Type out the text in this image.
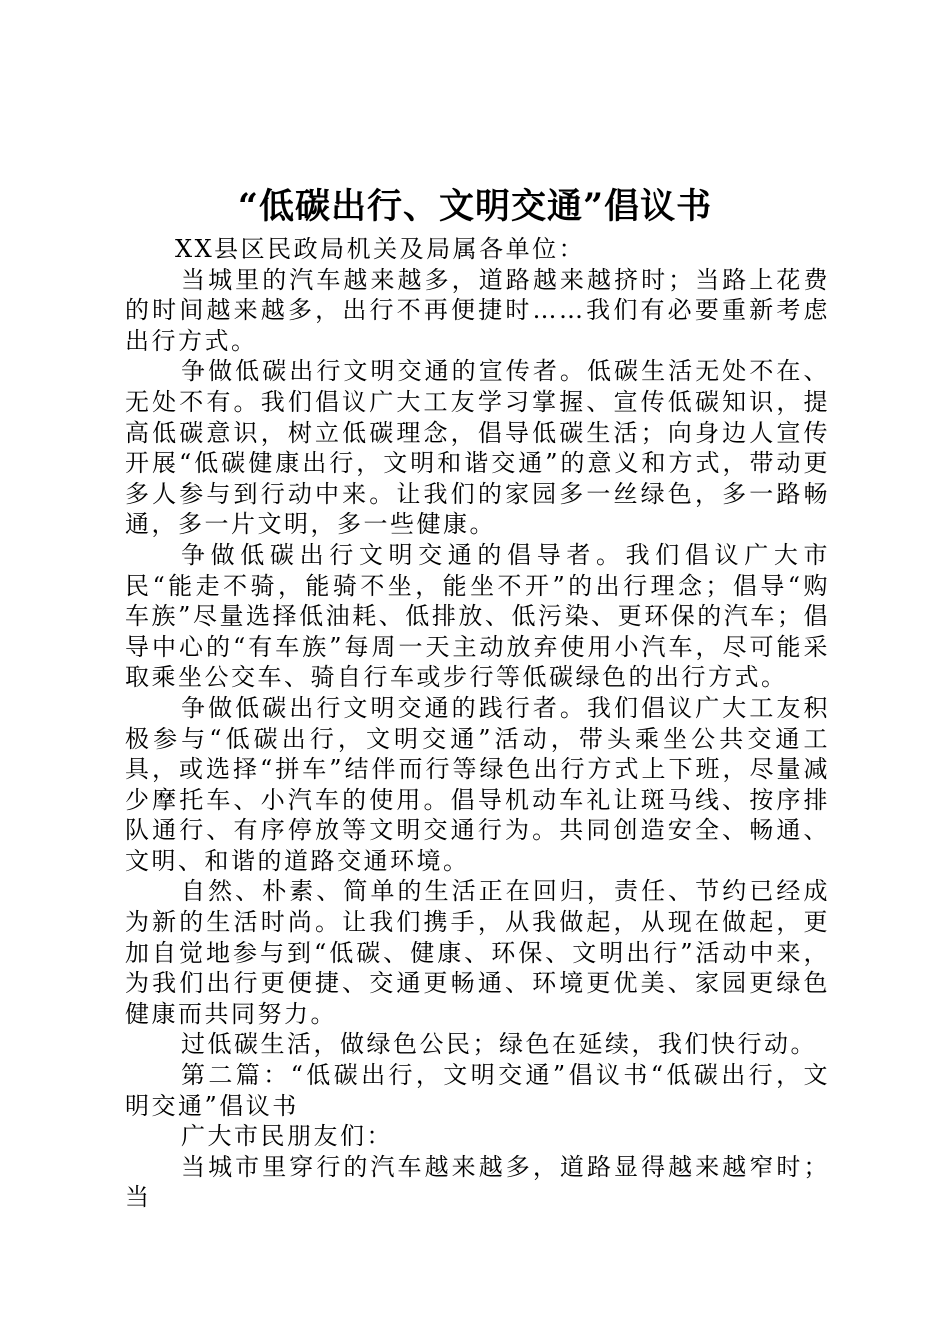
“低碳出行、文明交通”倡议书

XX县区民政局机关及局属各单位：

当城里的汽车越来越多，道路越来越挤时；当路上花费的时间越来越多，出行不再便捷时……我们有必要重新考虑出行方式。

争做低碳出行文明交通的宣传者。低碳生活无处不在、无处不有。我们倡议广大工友学习掌握、宣传低碳知识，提高低碳意识，树立低碳理念，倡导低碳生活；向身边人宣传开展“低碳健康出行，文明和谐交通”的意义和方式，带动更多人参与到行动中来。让我们的家园多一丝绿色，多一路畅通，多一片文明，多一些健康。

争做低碳出行文明交通的倡导者。我们倡议广大市民“能走不骑，能骑不坐，能坐不开”的出行理念；倡导“购车族”尽量选择低油耗、低排放、低污染、更环保的汽车；倡导中心的“有车族”每周一天主动放弃使用小汽车，尽可能采取乘坐公交车、骑自行车或步行等低碳绿色的出行方式。

争做低碳出行文明交通的践行者。我们倡议广大工友积极参与“低碳出行，文明交通”活动，带头乘坐公共交通工具，或选择“拼车”结伴而行等绿色出行方式上下班，尽量减少摩托车、小汽车的使用。倡导机动车礼让斑马线、按序排队通行、有序停放等文明交通行为。共同创造安全、畅通、文明、和谐的道路交通环境。

自然、朴素、简单的生活正在回归，责任、节约已经成为新的生活时尚。让我们携手，从我做起，从现在做起，更加自觉地参与到“低碳、健康、环保、文明出行”活动中来，为我们出行更便捷、交通更畅通、环境更优美、家园更绿色健康而共同努力。

过低碳生活，做绿色公民；绿色在延续，我们快行动。

第二篇：“低碳出行，文明交通”倡议书“低碳出行，文明交通”倡议书

广大市民朋友们：

当城市里穿行的汽车越来越多，道路显得越来越窄时；当
